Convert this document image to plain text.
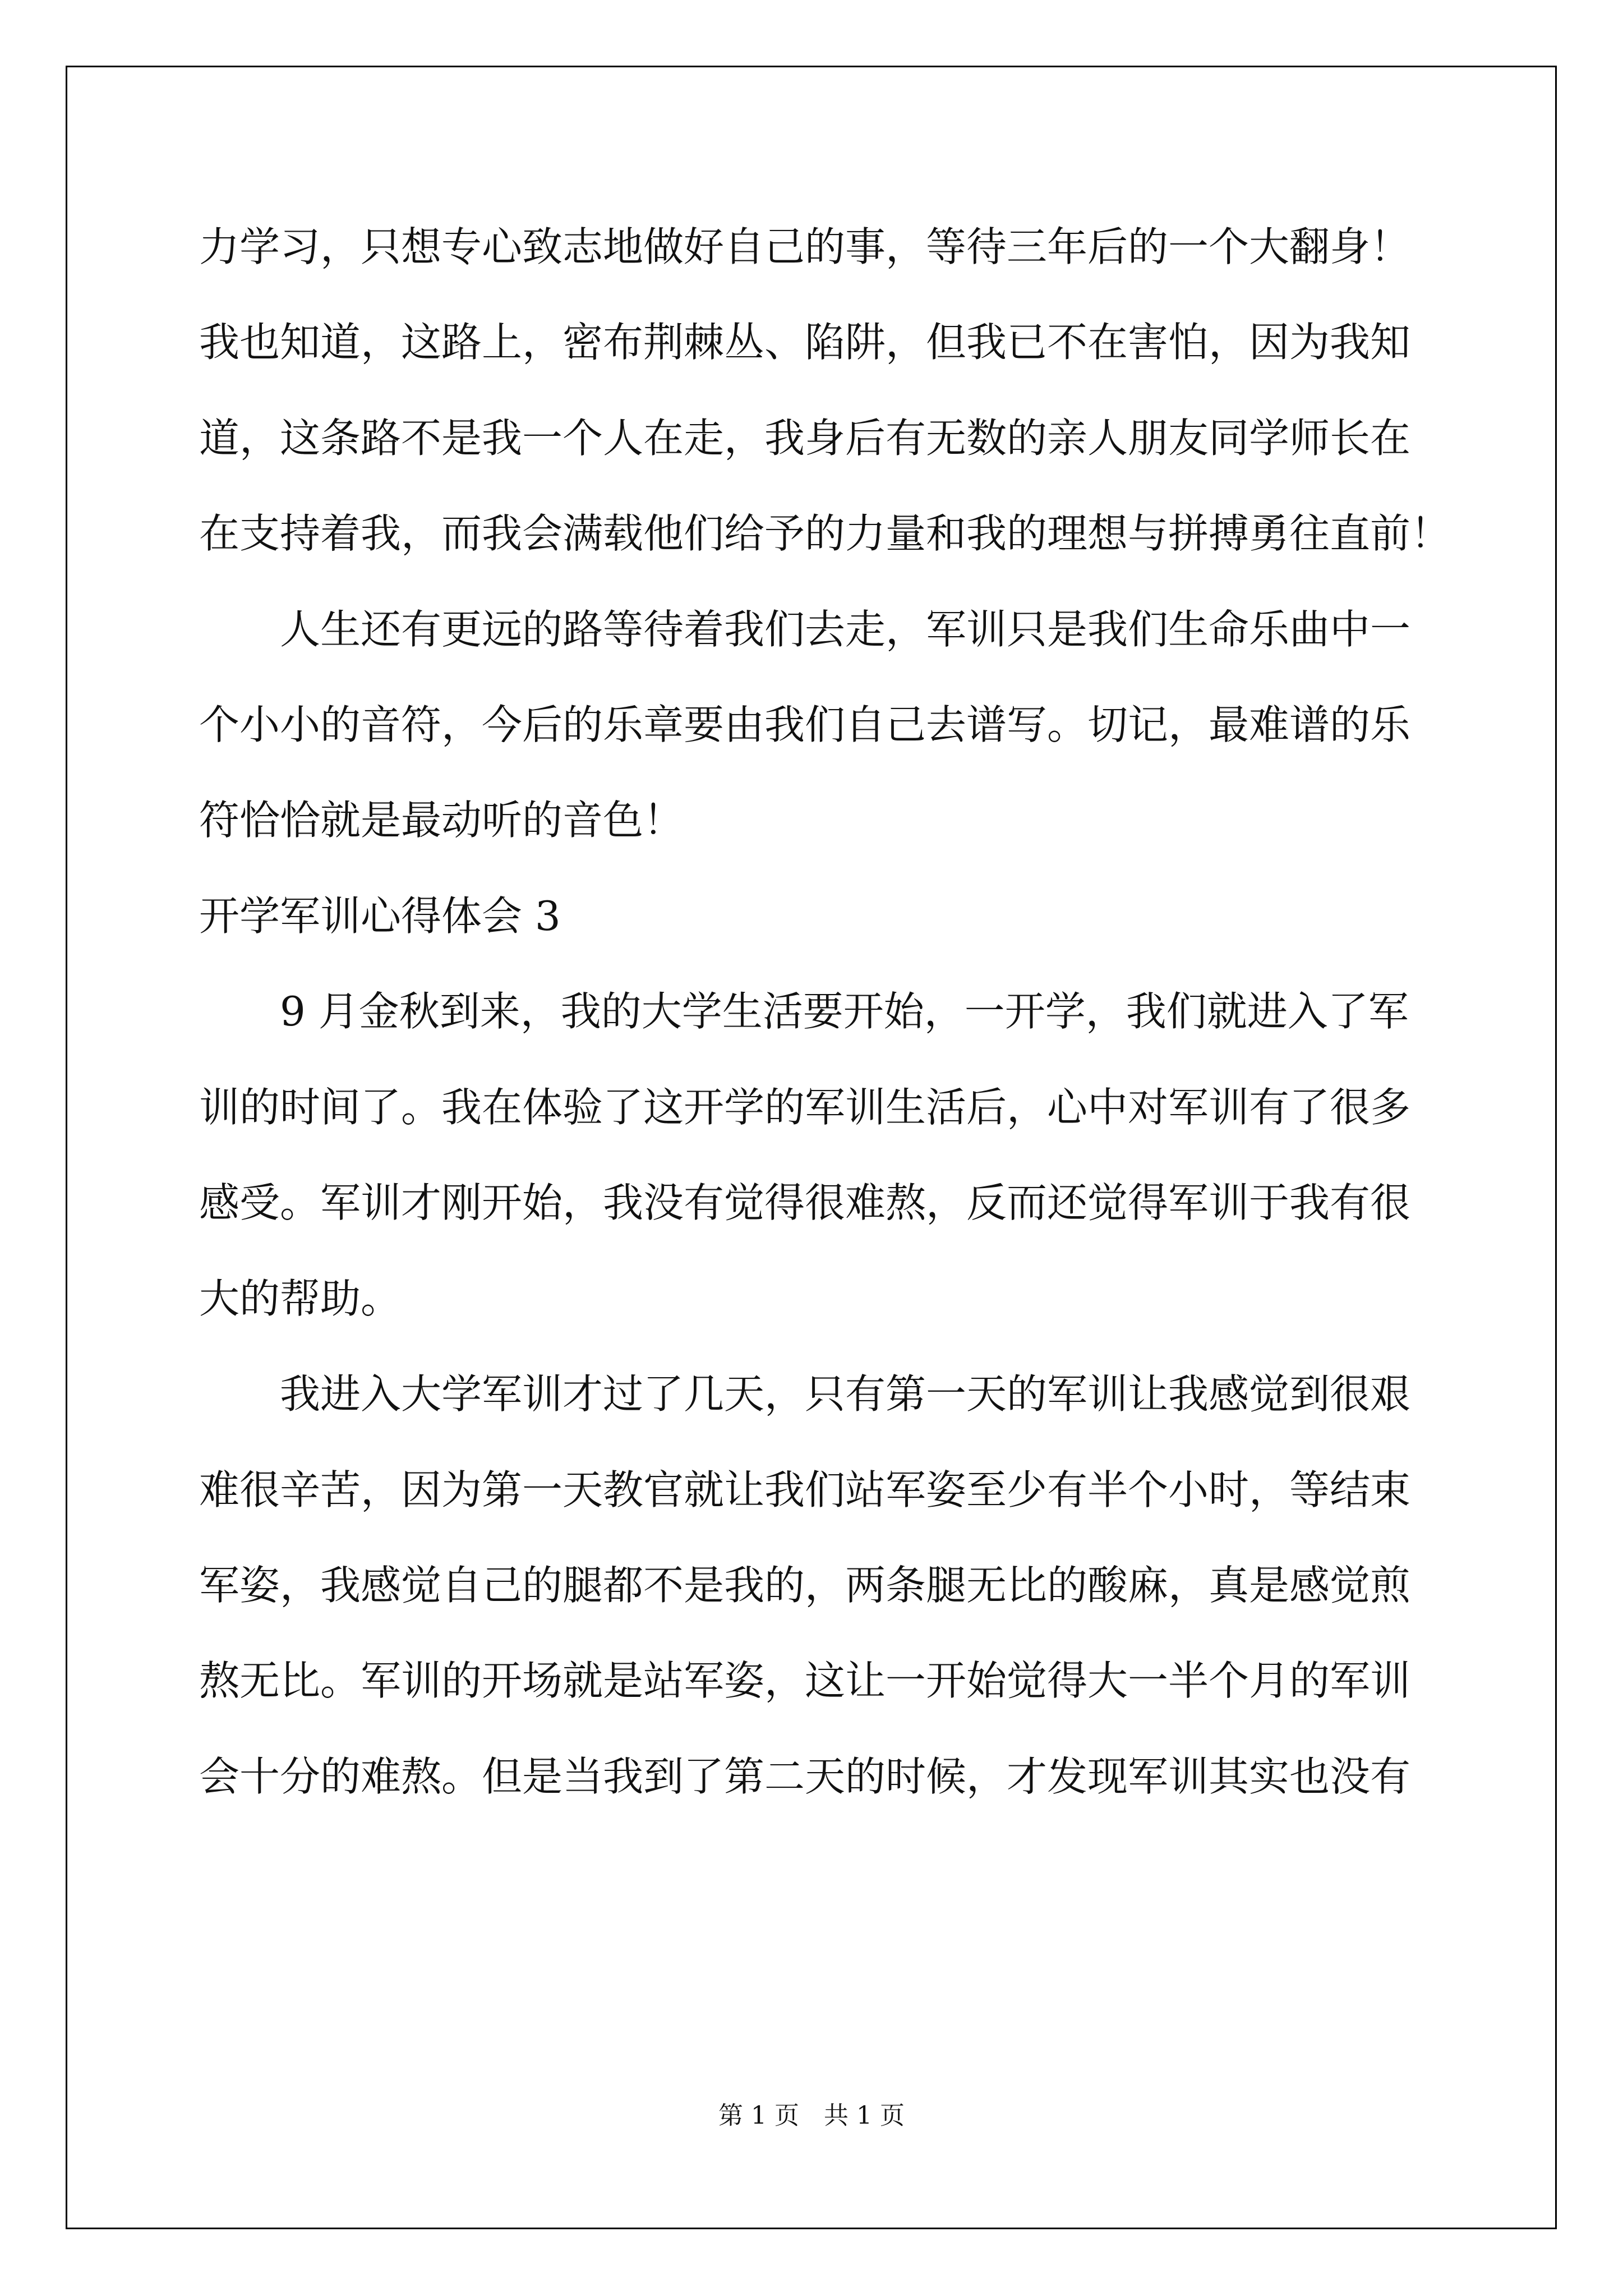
力学习，只想专心致志地做好自己的事，等待三年后的一个大翻身！
我也知道，这路上，密布荆棘丛、陷阱，但我已不在害怕，因为我知
道，这条路不是我一个人在走，我身后有无数的亲人朋友同学师长在
在支持着我，而我会满载他们给予的力量和我的理想与拼搏勇往直前！
　　人生还有更远的路等待着我们去走，军训只是我们生命乐曲中一
个小小的音符，今后的乐章要由我们自己去谱写。切记，最难谱的乐
符恰恰就是最动听的音色！
开学军训心得体会 3
　　9 月金秋到来，我的大学生活要开始，一开学，我们就进入了军
训的时间了。我在体验了这开学的军训生活后，心中对军训有了很多
感受。军训才刚开始，我没有觉得很难熬，反而还觉得军训于我有很
大的帮助。
　　我进入大学军训才过了几天，只有第一天的军训让我感觉到很艰
难很辛苦，因为第一天教官就让我们站军姿至少有半个小时，等结束
军姿，我感觉自己的腿都不是我的，两条腿无比的酸麻，真是感觉煎
熬无比。军训的开场就是站军姿，这让一开始觉得大一半个月的军训
会十分的难熬。但是当我到了第二天的时候，才发现军训其实也没有
第 1 页　共 1 页
